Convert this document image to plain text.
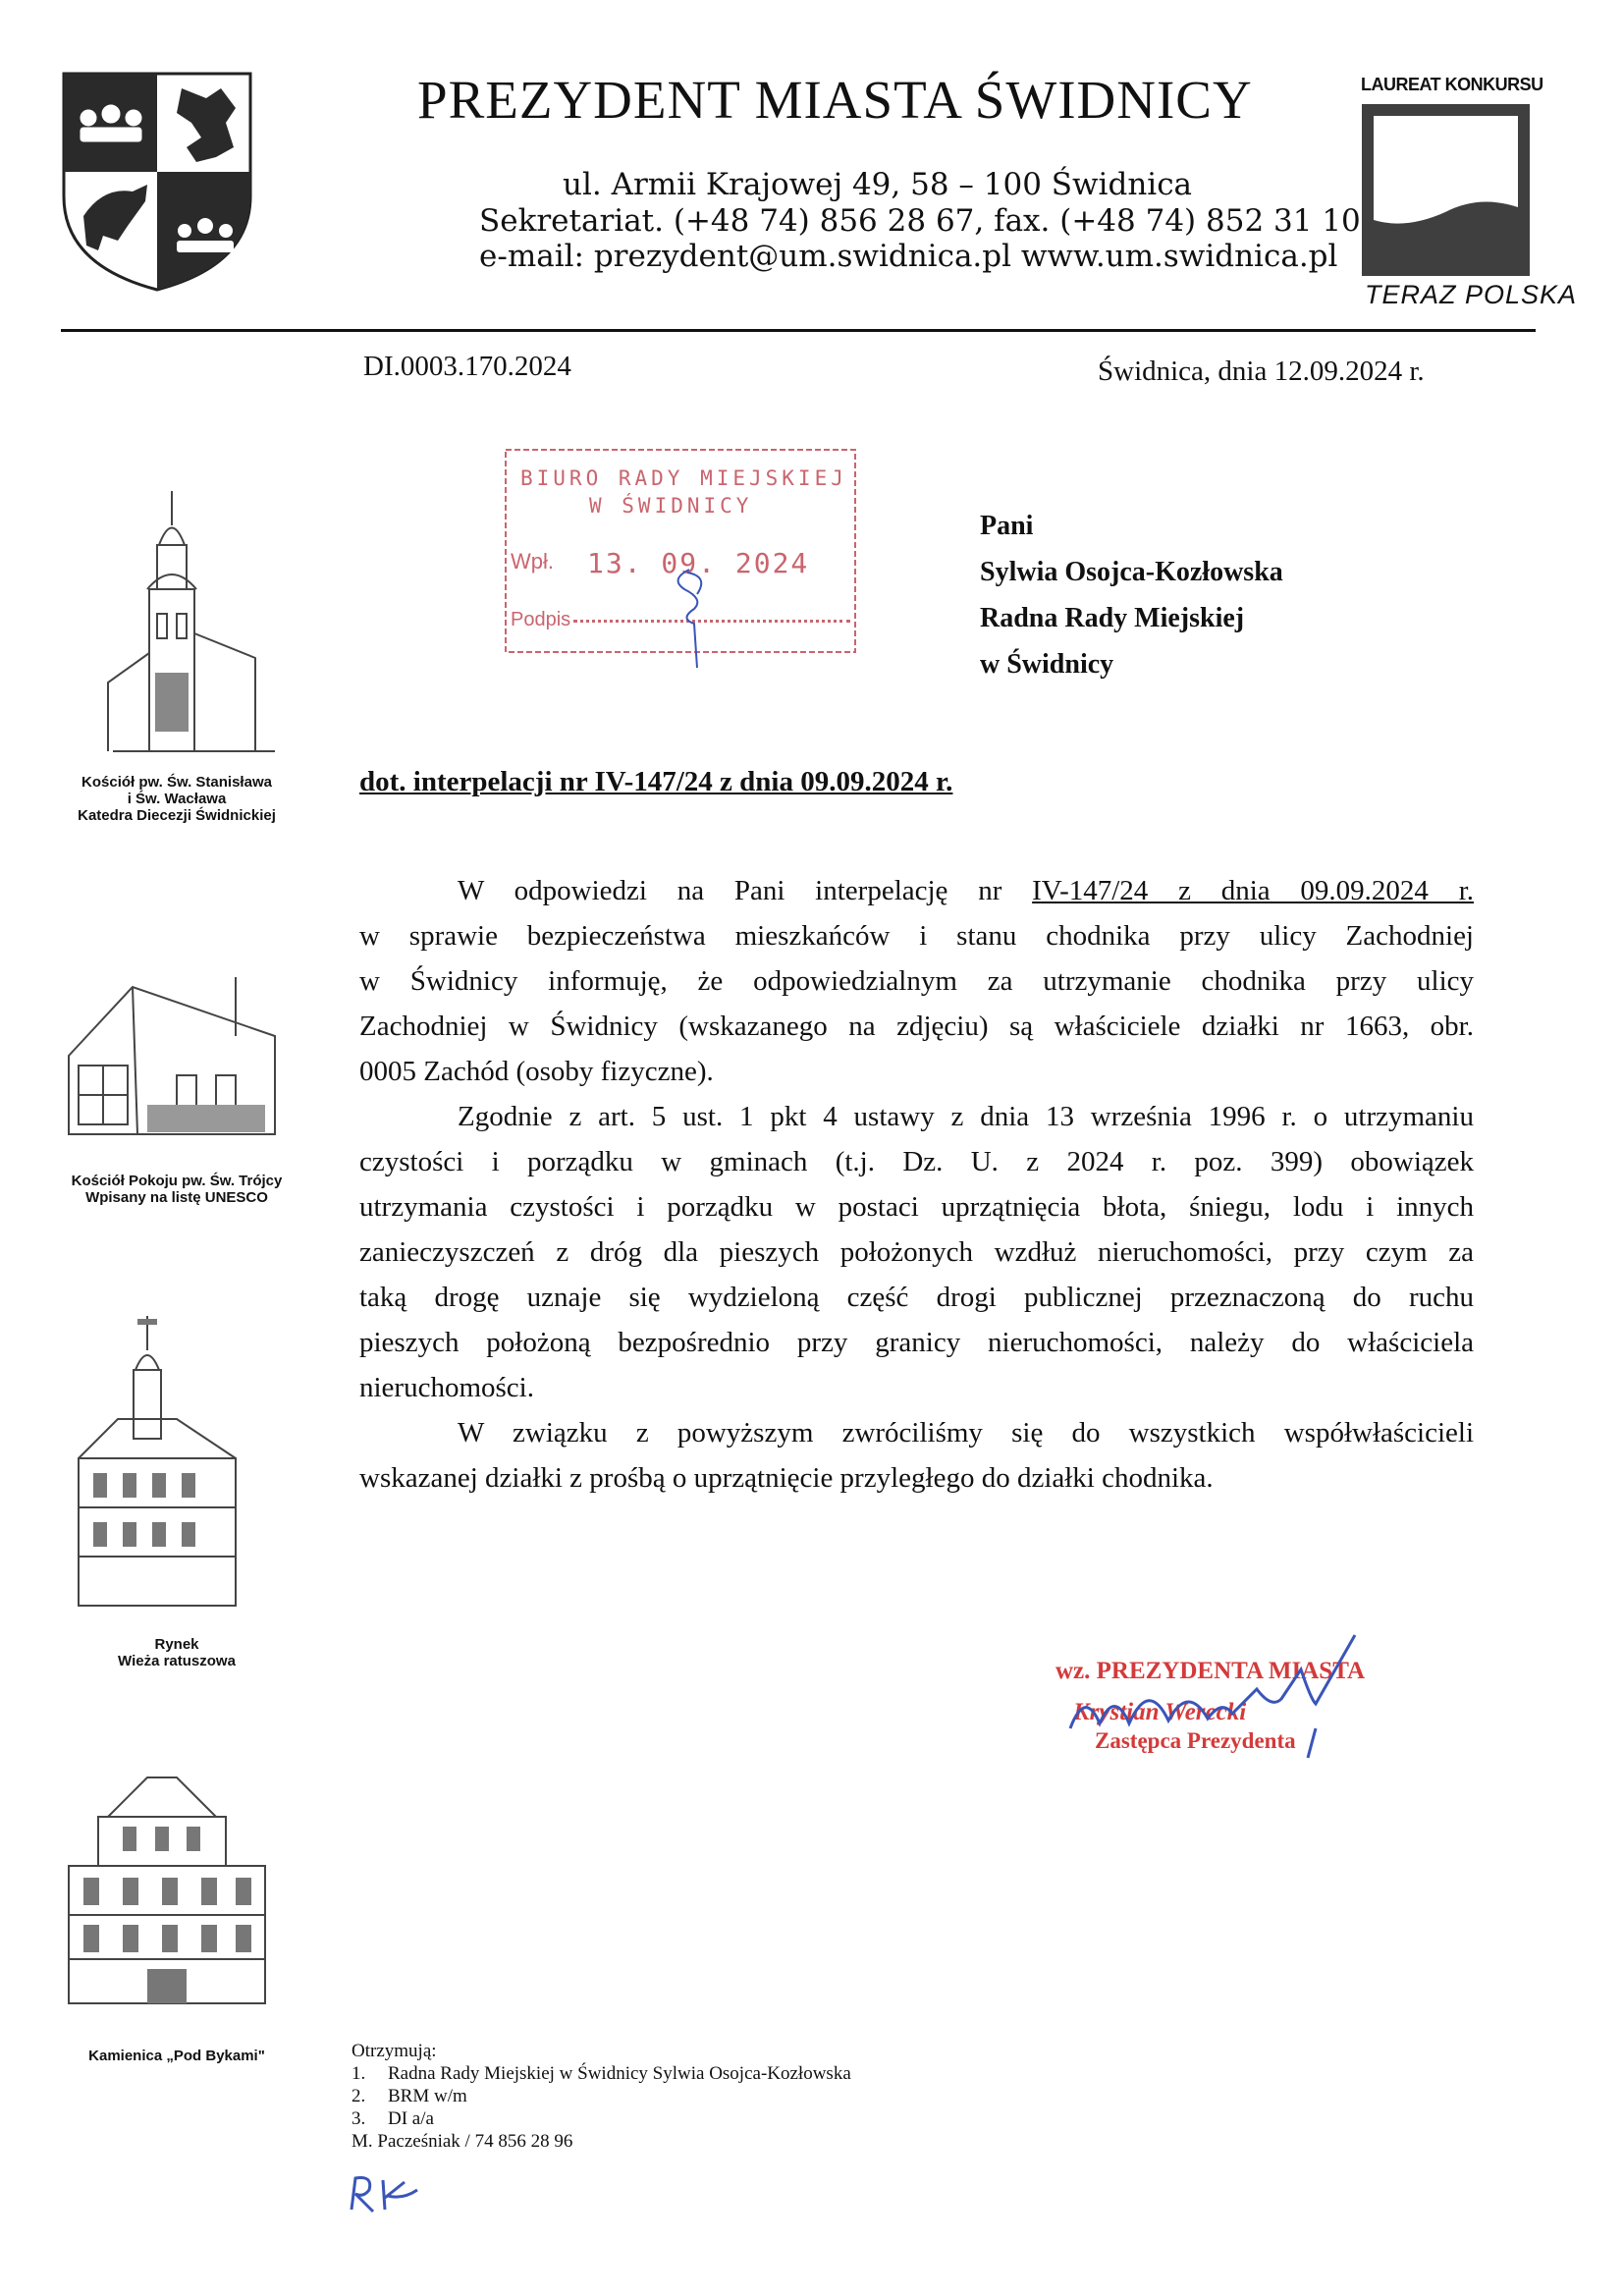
PREZYDENT MIASTA ŚWIDNICY
ul. Armii Krajowej 49, 58 – 100 Świdnica
Sekretariat. (+48 74) 856 28 67, fax. (+48 74) 852 31 10
e-mail: prezydent@um.swidnica.pl www.um.swidnica.pl
LAUREAT KONKURSU
TERAZ POLSKA
DI.0003.170.2024	Świdnica, dnia 12.09.2024 r.
BIURO RADY MIEJSKIEJ
W ŚWIDNICY
Wpł. 13. 09. 2024
Podpis
Pani
Sylwia Osojca-Kozłowska
Radna Rady Miejskiej
w Świdnicy
Kościół pw. Św. Stanisława
i Św. Wacława
Katedra Diecezji Świdnickiej
Kościół Pokoju pw. Św. Trójcy
Wpisany na listę UNESCO
Rynek
Wieża ratuszowa
Kamienica „Pod Bykami"
dot. interpelacji nr IV-147/24 z dnia 09.09.2024 r.
W odpowiedzi na Pani interpelację nr IV-147/24 z dnia 09.09.2024 r.
w sprawie bezpieczeństwa mieszkańców i stanu chodnika przy ulicy Zachodniej
w Świdnicy informuję, że odpowiedzialnym za utrzymanie chodnika przy ulicy
Zachodniej w Świdnicy (wskazanego na zdjęciu) są właściciele działki nr 1663, obr.
0005 Zachód (osoby fizyczne).
Zgodnie z art. 5 ust. 1 pkt 4 ustawy z dnia 13 września 1996 r. o utrzymaniu
czystości i porządku w gminach (t.j. Dz. U. z 2024 r. poz. 399) obowiązek
utrzymania czystości i porządku w postaci uprzątnięcia błota, śniegu, lodu i innych
zanieczyszczeń z dróg dla pieszych położonych wzdłuż nieruchomości, przy czym za
taką drogę uznaje się wydzieloną część drogi publicznej przeznaczoną do ruchu
pieszych położoną bezpośrednio przy granicy nieruchomości, należy do właściciela
nieruchomości.
W związku z powyższym zwróciliśmy się do wszystkich współwłaścicieli
wskazanej działki z prośbą o uprzątnięcie przyległego do działki chodnika.
wz. PREZYDENTA MIASTA
Krystian Werecki
Zastępca Prezydenta
Otrzymują:
1. Radna Rady Miejskiej w Świdnicy Sylwia Osojca-Kozłowska
2. BRM w/m
3. DI a/a
M. Pacześniak / 74 856 28 96
